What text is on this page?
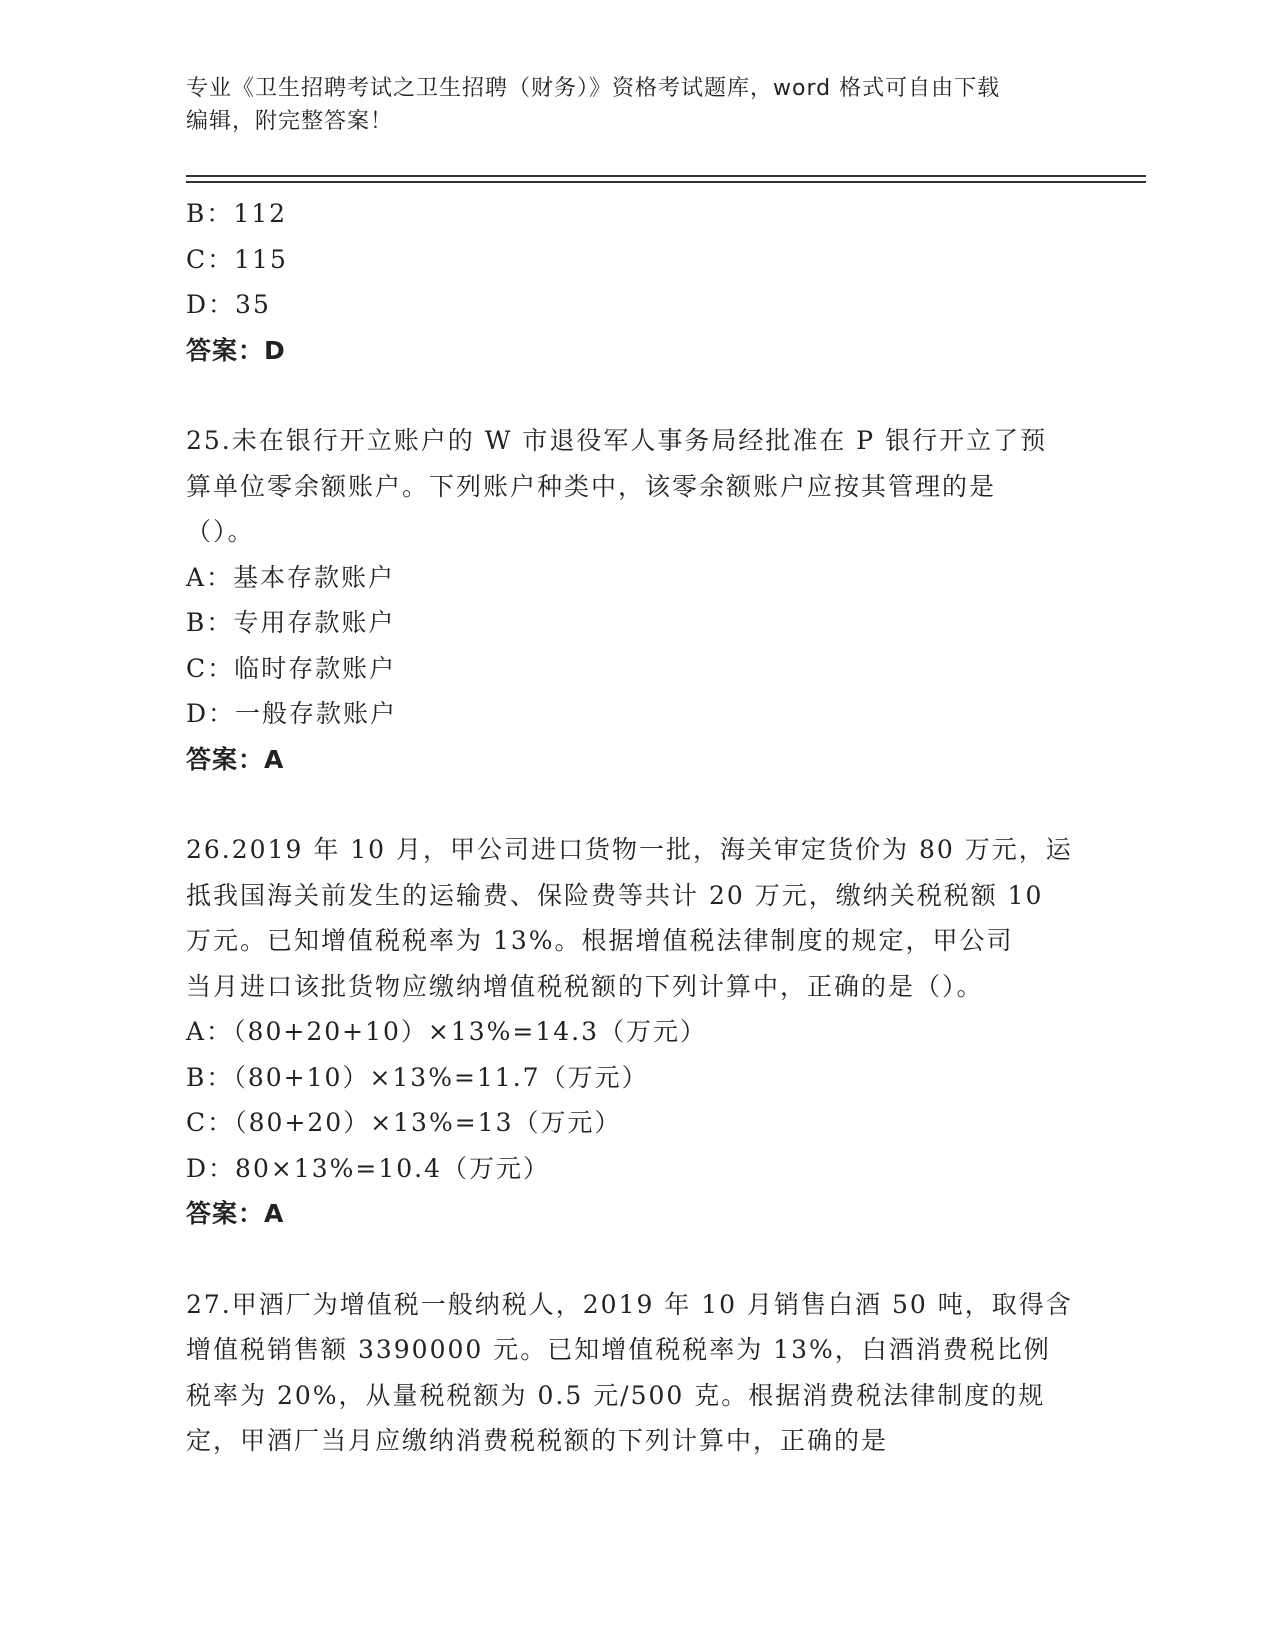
专业《卫生招聘考试之卫生招聘（财务）》资格考试题库，word 格式可自由下载
编辑，附完整答案！

B：112

C：115

D：35

答案：D

25.未在银行开立账户的 W 市退役军人事务局经批准在 P 银行开立了预

算单位零余额账户。下列账户种类中，该零余额账户应按其管理的是

（）。

A：基本存款账户

B：专用存款账户

C：临时存款账户

D：一般存款账户

答案：A

26.2019 年 10 月，甲公司进口货物一批，海关审定货价为 80 万元，运

抵我国海关前发生的运输费、保险费等共计 20 万元，缴纳关税税额 10

万元。已知增值税税率为 13%。根据增值税法律制度的规定，甲公司

当月进口该批货物应缴纳增值税税额的下列计算中，正确的是（）。

A：（80+20+10）×13%=14.3（万元）

B：（80+10）×13%=11.7（万元）

C：（80+20）×13%=13（万元）

D：80×13%=10.4（万元）

答案：A

27.甲酒厂为增值税一般纳税人，2019 年 10 月销售白酒 50 吨，取得含

增值税销售额 3390000 元。已知增值税税率为 13%，白酒消费税比例

税率为 20%，从量税税额为 0.5 元/500 克。根据消费税法律制度的规

定，甲酒厂当月应缴纳消费税税额的下列计算中，正确的是
